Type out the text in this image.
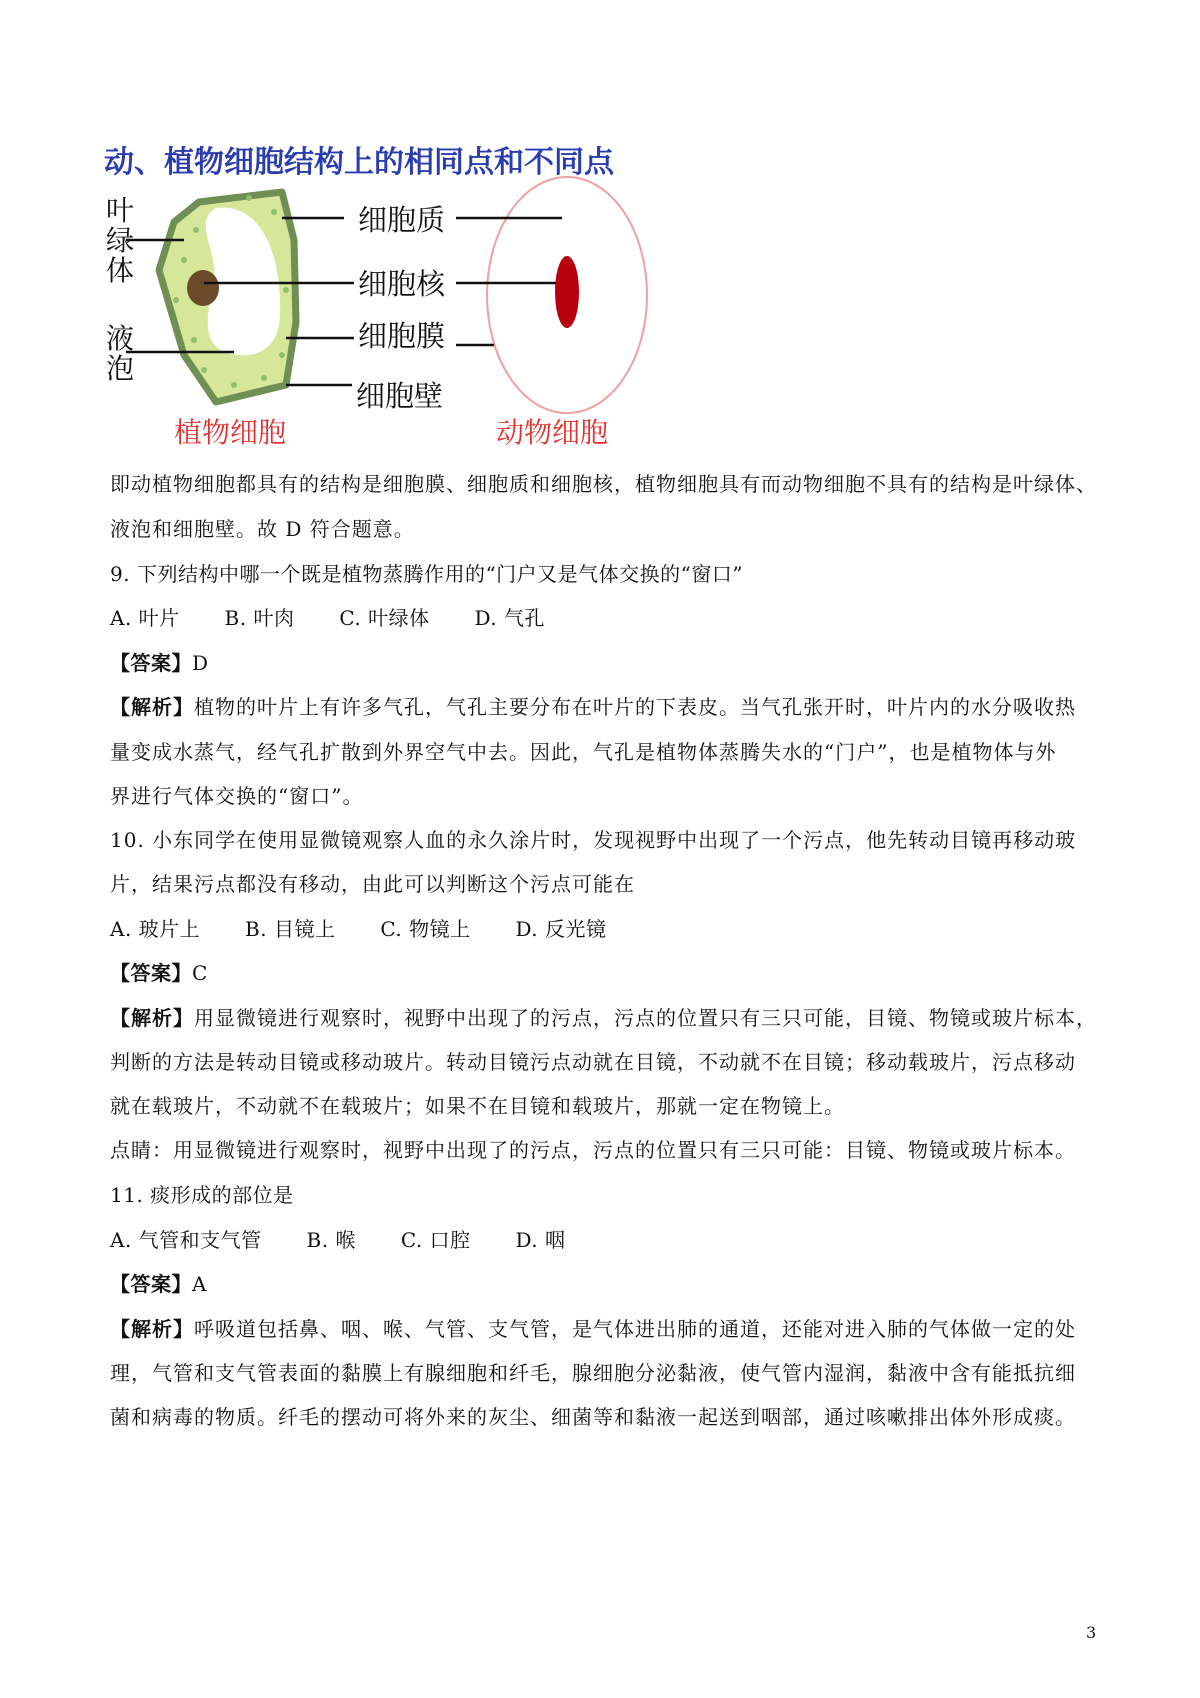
动、植物细胞结构上的相同点和不同点
叶
绿
体
液
泡
细胞质
细胞核
细胞膜
细胞壁
植物细胞	动物细胞
即动植物细胞都具有的结构是细胞膜、细胞质和细胞核，植物细胞具有而动物细胞不具有的结构是叶绿体、
液泡和细胞壁。故 D 符合题意。
9. 下列结构中哪一个既是植物蒸腾作用的“门户又是气体交换的“窗口”
A. 叶片 B. 叶肉 C. 叶绿体 D. 气孔
【答案】D
【解析】植物的叶片上有许多气孔，气孔主要分布在叶片的下表皮。当气孔张开时，叶片内的水分吸收热
量变成水蒸气，经气孔扩散到外界空气中去。因此，气孔是植物体蒸腾失水的“门户”，也是植物体与外
界进行气体交换的“窗口”。
10. 小东同学在使用显微镜观察人血的永久涂片时，发现视野中出现了一个污点，他先转动目镜再移动玻
片，结果污点都没有移动，由此可以判断这个污点可能在
A. 玻片上 B. 目镜上 C. 物镜上 D. 反光镜
【答案】C
【解析】用显微镜进行观察时，视野中出现了的污点，污点的位置只有三只可能，目镜、物镜或玻片标本，
判断的方法是转动目镜或移动玻片。转动目镜污点动就在目镜，不动就不在目镜；移动载玻片，污点移动
就在载玻片，不动就不在载玻片；如果不在目镜和载玻片，那就一定在物镜上。
点睛：用显微镜进行观察时，视野中出现了的污点，污点的位置只有三只可能：目镜、物镜或玻片标本。
11. 痰形成的部位是
A. 气管和支气管 B. 喉 C. 口腔 D. 咽
【答案】A
【解析】呼吸道包括鼻、咽、喉、气管、支气管，是气体进出肺的通道，还能对进入肺的气体做一定的处
理，气管和支气管表面的黏膜上有腺细胞和纤毛，腺细胞分泌黏液，使气管内湿润，黏液中含有能抵抗细
菌和病毒的物质。纤毛的摆动可将外来的灰尘、细菌等和黏液一起送到咽部，通过咳嗽排出体外形成痰。
3
